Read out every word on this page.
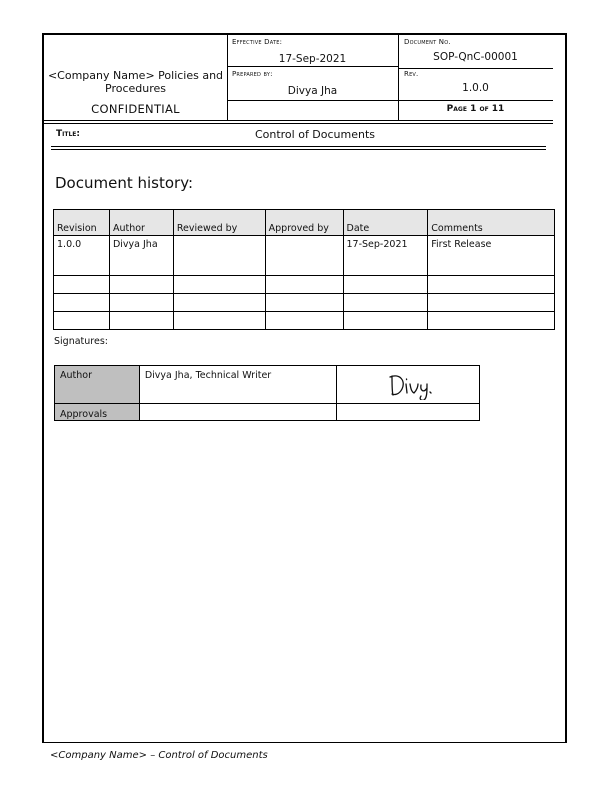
<Company Name> Policies and Procedures
CONFIDENTIAL
Effective Date:
17-Sep-2021
Document No.
SOP-QnC-00001
Prepared by:
Divya Jha
Rev.
1.0.0
Page 1 of 11
Title:	Control of Documents
Document history:
Revision	Author	Reviewed by	Approved by	Date	Comments
1.0.0	Divya Jha			17-Sep-2021	First Release

Signatures:
Author	Divya Jha, Technical Writer	
Approvals		
<Company Name> – Control of Documents
